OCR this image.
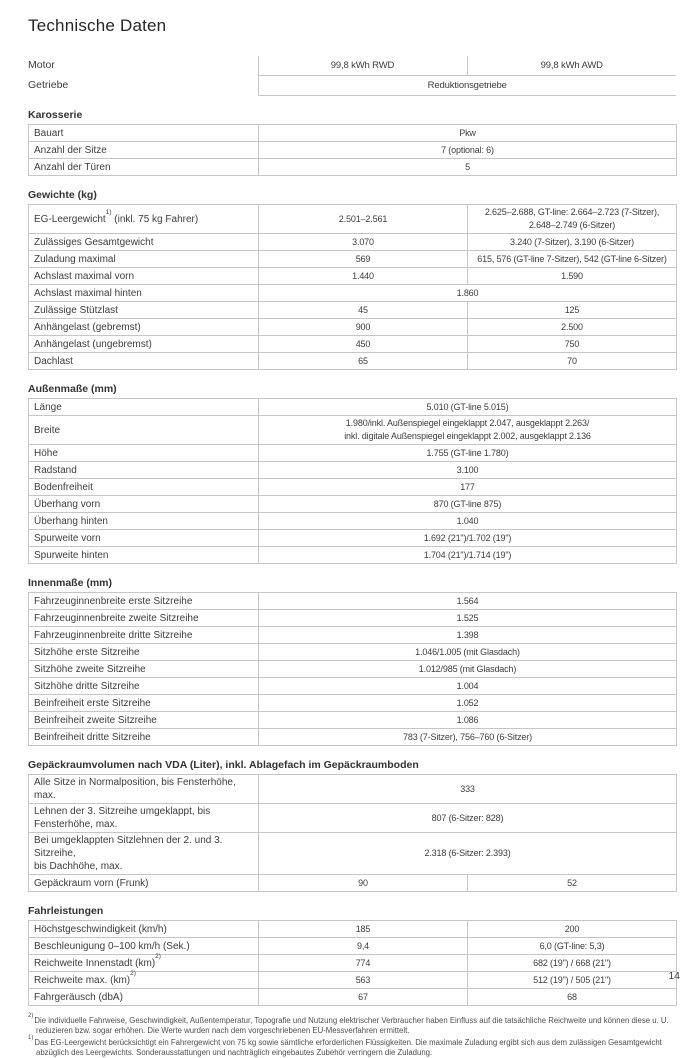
Technische Daten
Motor	99,8 kWh RWD	99,8 kWh AWD
Getriebe	Reduktionsgetriebe	
Karosserie
Bauart	Pkw
Anzahl der Sitze	7 (optional: 6)
Anzahl der Türen	5
Gewichte (kg)
EG-Leergewicht$^{1)}$ (inkl. 75 kg Fahrer)	2.501–2.561	2.625–2.688, GT-line: 2.664–2.723 (7-Sitzer),
2.648–2.749 (6-Sitzer)
Zulässiges Gesamtgewicht	3.070	3.240 (7-Sitzer), 3.190 (6-Sitzer)
Zuladung maximal	569	615, 576 (GT-line 7-Sitzer), 542 (GT-line 6-Sitzer)
Achslast maximal vorn	1.440	1.590
Achslast maximal hinten	1.860	
Zulässige Stützlast	45	125
Anhängelast (gebremst)	900	2.500
Anhängelast (ungebremst)	450	750
Dachlast	65	70
Außenmaße (mm)
Länge	5.010 (GT-line 5.015)
Breite	1.980/inkl. Außenspiegel eingeklappt 2.047, ausgeklappt 2.263/
inkl. digitale Außenspiegel eingeklappt 2.002, ausgeklappt 2.136
Höhe	1.755 (GT-line 1.780)
Radstand	3.100
Bodenfreiheit	177
Überhang vorn	870 (GT-line 875)
Überhang hinten	1.040
Spurweite vorn	1.692 (21")/1.702 (19")
Spurweite hinten	1.704 (21")/1.714 (19")
Innenmaße (mm)
Fahrzeuginnenbreite erste Sitzreihe	1.564
Fahrzeuginnenbreite zweite Sitzreihe	1.525
Fahrzeuginnenbreite dritte Sitzreihe	1.398
Sitzhöhe erste Sitzreihe	1.046/1.005 (mit Glasdach)
Sitzhöhe zweite Sitzreihe	1.012/985 (mit Glasdach)
Sitzhöhe dritte Sitzreihe	1.004
Beinfreiheit erste Sitzreihe	1.052
Beinfreiheit zweite Sitzreihe	1.086
Beinfreiheit dritte Sitzreihe	783 (7-Sitzer), 756–760 (6-Sitzer)
Gepäckraumvolumen nach VDA (Liter), inkl. Ablagefach im Gepäckraumboden
Alle Sitze in Normalposition, bis Fensterhöhe, max.	333	
Lehnen der 3. Sitzreihe umgeklappt, bis Fensterhöhe, max.	807 (6-Sitzer: 828)	
Bei umgeklappten Sitzlehnen der 2. und 3. Sitzreihe,
bis Dachhöhe, max.	2.318 (6-Sitzer: 2.393)	
Gepäckraum vorn (Frunk)	90	52
Fahrleistungen
Höchstgeschwindigkeit (km/h)	185	200
Beschleunigung 0–100 km/h (Sek.)	9,4	6,0 (GT-line: 5,3)
Reichweite Innenstadt (km)$^{2)}$	774	682 (19") / 668 (21")
Reichweite max. (km)$^{2)}$	563	512 (19") / 505 (21")
Fahrgeräusch (dbA)	67	68

$^{2)}$Die individuelle Fahrweise, Geschwindigkeit, Außentemperatur, Topografie und Nutzung elektrischer Verbraucher haben Einfluss auf die tatsächliche Reichweite und können diese u. U. reduzieren bzw. sogar erhöhen. Die Werte wurden nach dem vorgeschriebenen EU-Messverfahren ermittelt.

$^{1)}$Das EG-Leergewicht berücksichtigt ein Fahrergewicht von 75 kg sowie sämtliche erforderlichen Flüssigkeiten. Die maximale Zuladung ergibt sich aus dem zulässigen Gesamtgewicht abzüglich des Leergewichts. Sonderausstattungen und nachträglich eingebautes Zubehör verringern die Zuladung.

14
